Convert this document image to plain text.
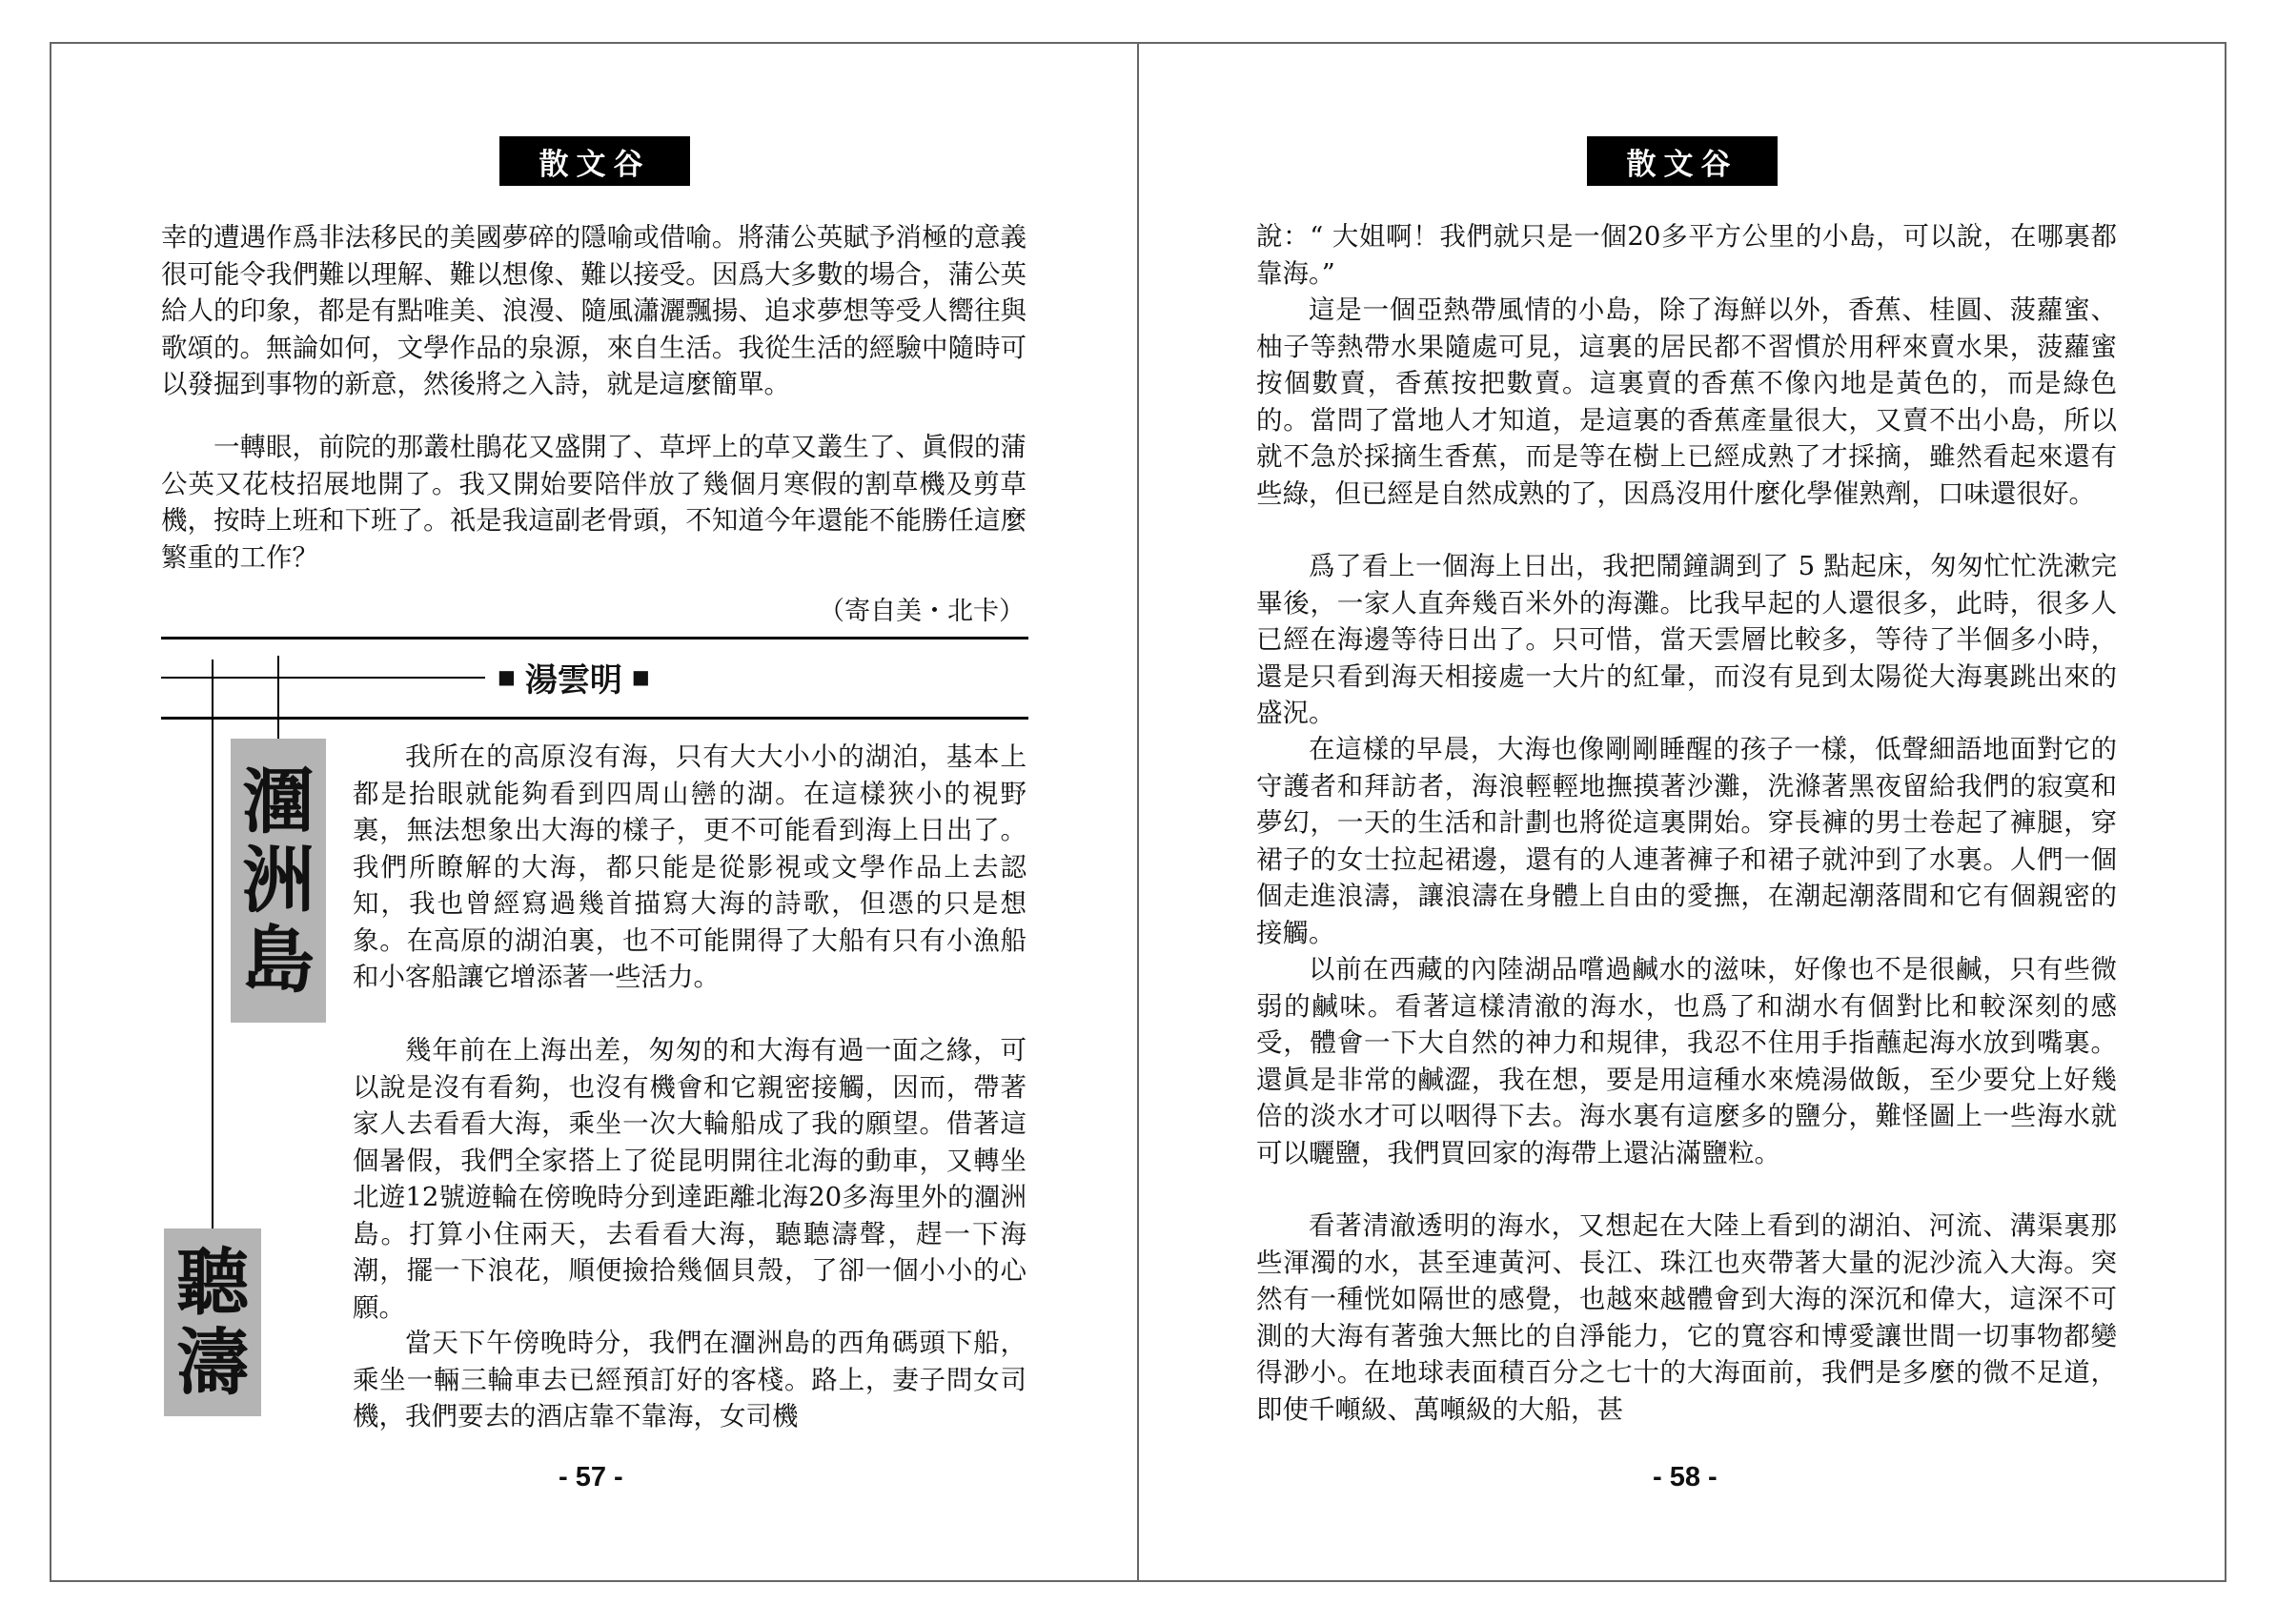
散文谷

幸的遭遇作爲非法移民的美國夢碎的隱喻或借喻。將蒲公英賦予消極的意義很可能令我們難以理解、難以想像、難以接受。因爲大多數的場合，蒲公英給人的印象，都是有點唯美、浪漫、隨風瀟灑飄揚、追求夢想等受人嚮往與歌頌的。無論如何，文學作品的泉源，來自生活。我從生活的經驗中隨時可以發掘到事物的新意，然後將之入詩，就是這麼簡單。

一轉眼，前院的那叢杜鵑花又盛開了、草坪上的草又叢生了、眞假的蒲公英又花枝招展地開了。我又開始要陪伴放了幾個月寒假的割草機及剪草機，按時上班和下班了。祇是我這副老骨頭，不知道今年還能不能勝任這麼繁重的工作？

（寄自美・北卡）
■ 湯雲明 ■
潿
洲
島
聽
濤

我所在的高原沒有海，只有大大小小的湖泊，基本上都是抬眼就能夠看到四周山巒的湖。在這樣狹小的視野裏，無法想象出大海的樣子，更不可能看到海上日出了。我們所瞭解的大海，都只能是從影視或文學作品上去認知，我也曾經寫過幾首描寫大海的詩歌，但憑的只是想象。在高原的湖泊裏，也不可能開得了大船有只有小漁船和小客船讓它增添著一些活力。

幾年前在上海出差，匆匆的和大海有過一面之緣，可以說是沒有看夠，也沒有機會和它親密接觸，因而，帶著家人去看看大海，乘坐一次大輪船成了我的願望。借著這個暑假，我們全家搭上了從昆明開往北海的動車，又轉坐北遊12號遊輪在傍晚時分到達距離北海20多海里外的潿洲島。打算小住兩天，去看看大海，聽聽濤聲，趕一下海潮，擺一下浪花，順便撿拾幾個貝殼，了卻一個小小的心願。

當天下午傍晚時分，我們在潿洲島的西角碼頭下船，乘坐一輛三輪車去已經預訂好的客棧。路上，妻子問女司機，我們要去的酒店靠不靠海，女司機

- 57 -
散文谷

說：“ 大姐啊！我們就只是一個20多平方公里的小島，可以說，在哪裏都靠海。”

這是一個亞熱帶風情的小島，除了海鮮以外，香蕉、桂圓、菠蘿蜜、柚子等熱帶水果隨處可見，這裏的居民都不習慣於用秤來賣水果，菠蘿蜜按個數賣，香蕉按把數賣。這裏賣的香蕉不像內地是黃色的，而是綠色的。當問了當地人才知道，是這裏的香蕉產量很大，又賣不出小島，所以就不急於採摘生香蕉，而是等在樹上已經成熟了才採摘，雖然看起來還有些綠，但已經是自然成熟的了，因爲沒用什麼化學催熟劑，口味還很好。

爲了看上一個海上日出，我把鬧鐘調到了 5 點起床，匆匆忙忙洗漱完畢後，一家人直奔幾百米外的海灘。比我早起的人還很多，此時，很多人已經在海邊等待日出了。只可惜，當天雲層比較多，等待了半個多小時，還是只看到海天相接處一大片的紅暈，而沒有見到太陽從大海裏跳出來的盛況。

在這樣的早晨，大海也像剛剛睡醒的孩子一樣，低聲細語地面對它的守護者和拜訪者，海浪輕輕地撫摸著沙灘，洗滌著黑夜留給我們的寂寞和夢幻，一天的生活和計劃也將從這裏開始。穿長褲的男士卷起了褲腿，穿裙子的女士拉起裙邊，還有的人連著褲子和裙子就沖到了水裏。人們一個個走進浪濤，讓浪濤在身體上自由的愛撫，在潮起潮落間和它有個親密的接觸。

以前在西藏的內陸湖品嚐過鹹水的滋味，好像也不是很鹹，只有些微弱的鹹味。看著這樣清澈的海水，也爲了和湖水有個對比和較深刻的感受，體會一下大自然的神力和規律，我忍不住用手指蘸起海水放到嘴裏。還眞是非常的鹹澀，我在想，要是用這種水來燒湯做飯，至少要兌上好幾倍的淡水才可以咽得下去。海水裏有這麼多的鹽分，難怪圖上一些海水就可以曬鹽，我們買回家的海帶上還沾滿鹽粒。

看著清澈透明的海水，又想起在大陸上看到的湖泊、河流、溝渠裏那些渾濁的水，甚至連黃河、長江、珠江也夾帶著大量的泥沙流入大海。突然有一種恍如隔世的感覺，也越來越體會到大海的深沉和偉大，這深不可測的大海有著強大無比的自淨能力，它的寬容和博愛讓世間一切事物都變得渺小。在地球表面積百分之七十的大海面前，我們是多麼的微不足道，即使千噸級、萬噸級的大船，甚

- 58 -
